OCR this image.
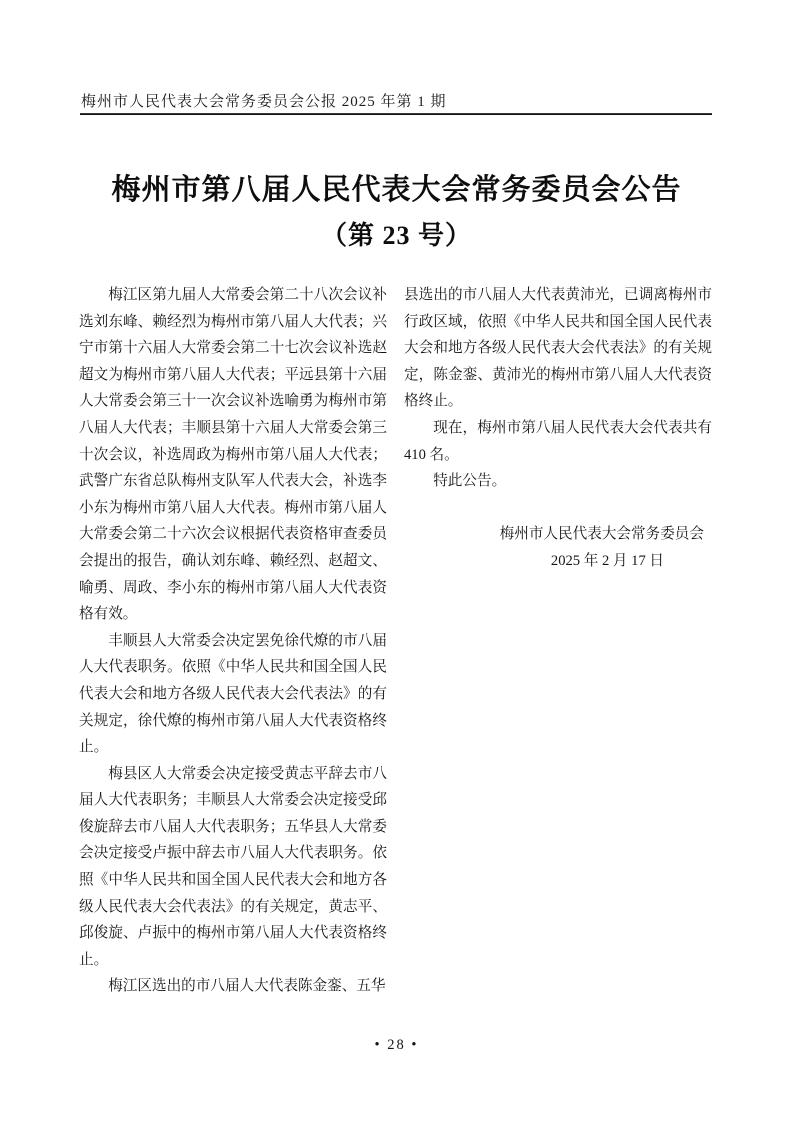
梅州市人民代表大会常务委员会公报 2025 年第 1 期
梅州市第八届人民代表大会常务委员会公告
（第 23 号）

梅江区第九届人大常委会第二十八次会议补选刘东峰、赖经烈为梅州市第八届人大代表；兴宁市第十六届人大常委会第二十七次会议补选赵超文为梅州市第八届人大代表；平远县第十六届人大常委会第三十一次会议补选喻勇为梅州市第八届人大代表；丰顺县第十六届人大常委会第三十次会议，补选周政为梅州市第八届人大代表；武警广东省总队梅州支队军人代表大会，补选李小东为梅州市第八届人大代表。梅州市第八届人大常委会第二十六次会议根据代表资格审查委员会提出的报告，确认刘东峰、赖经烈、赵超文、喻勇、周政、李小东的梅州市第八届人大代表资格有效。

丰顺县人大常委会决定罢免徐代燎的市八届人大代表职务。依照《中华人民共和国全国人民代表大会和地方各级人民代表大会代表法》的有关规定，徐代燎的梅州市第八届人大代表资格终止。

梅县区人大常委会决定接受黄志平辞去市八届人大代表职务；丰顺县人大常委会决定接受邱俊旋辞去市八届人大代表职务；五华县人大常委会决定接受卢振中辞去市八届人大代表职务。依照《中华人民共和国全国人民代表大会和地方各级人民代表大会代表法》的有关规定，黄志平、邱俊旋、卢振中的梅州市第八届人大代表资格终止。

梅江区选出的市八届人大代表陈金銮、五华

县选出的市八届人大代表黄沛光，已调离梅州市行政区域，依照《中华人民共和国全国人民代表大会和地方各级人民代表大会代表法》的有关规定，陈金銮、黄沛光的梅州市第八届人大代表资格终止。

现在，梅州市第八届人民代表大会代表共有 410 名。

特此公告。

梅州市人民代表大会常务委员会

2025 年 2 月 17 日

• 28 •
